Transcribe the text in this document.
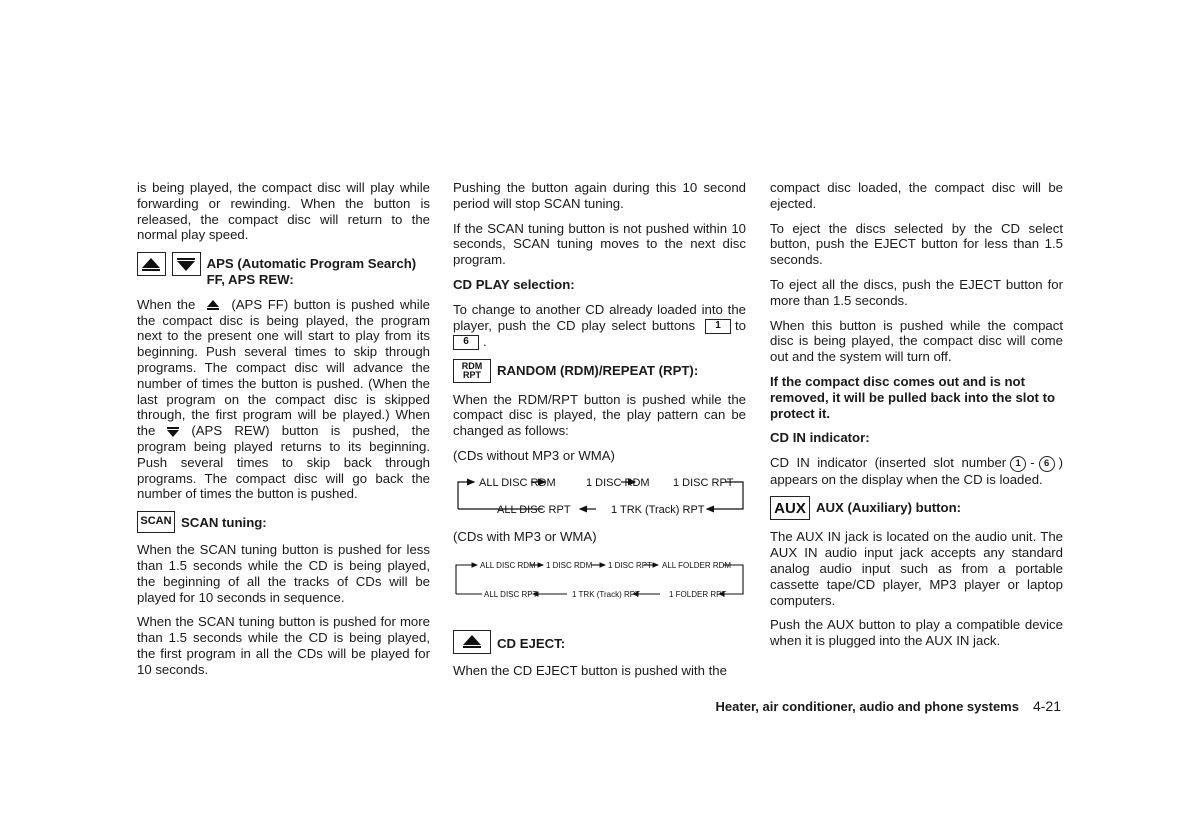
is being played, the compact disc will play while forwarding or rewinding. When the button is released, the compact disc will return to the normal play speed.

APS (Automatic Program Search) FF, APS REW:

When the	(APS FF) button is pushed while the compact disc is being played, the program next to the present one will start to play from its beginning. Push several times to skip through programs. The compact disc will advance the number of times the button is pushed. (When the last program on the compact disc is skipped through, the first program will be played.) When the	(APS REW) button is pushed, the program being played returns to its beginning. Push several times to skip back through programs. The compact disc will go back the number of times the button is pushed.

SCAN SCAN tuning:

When the SCAN tuning button is pushed for less than 1.5 seconds while the CD is being played, the beginning of all the tracks of CDs will be played for 10 seconds in sequence.

When the SCAN tuning button is pushed for more than 1.5 seconds while the CD is being played, the first program in all the CDs will be played for 10 seconds.

Pushing the button again during this 10 second period will stop SCAN tuning.

If the SCAN tuning button is not pushed within 10 seconds, SCAN tuning moves to the next disc program.

CD PLAY selection:

To change to another CD already loaded into the player, push the CD play select buttons 1 to 6 .

RDM
RPT RANDOM (RDM)/REPEAT (RPT):

When the RDM/RPT button is pushed while the compact disc is played, the play pattern can be changed as follows:

(CDs without MP3 or WMA)

ALL DISC RDM	1 DISC RDM 1 DISC RPT
ALL DISC RPT	1 TRK (Track) RPT

(CDs with MP3 or WMA)

ALL DISC RDM 1 DISC RDM 1 DISC RPT ALL FOLDER RDM
ALL DISC RPT	1 TRK (Track) RPT	1 FOLDER RPT
CD EJECT:

When the CD EJECT button is pushed with the

compact disc loaded, the compact disc will be ejected.

To eject the discs selected by the CD select button, push the EJECT button for less than 1.5 seconds.

To eject all the discs, push the EJECT button for more than 1.5 seconds.

When this button is pushed while the compact disc is being played, the compact disc will come out and the system will turn off.

If the compact disc comes out and is not removed, it will be pulled back into the slot to protect it.
CD IN indicator:

CD IN indicator (inserted slot number 1 - 6 ) appears on the display when the CD is loaded.

AUX AUX (Auxiliary) button:

The AUX IN jack is located on the audio unit. The AUX IN audio input jack accepts any standard analog audio input such as from a portable cassette tape/CD player, MP3 player or laptop computers.

Push the AUX button to play a compatible device when it is plugged into the AUX IN jack.

Heater, air conditioner, audio and phone systems 4-21
